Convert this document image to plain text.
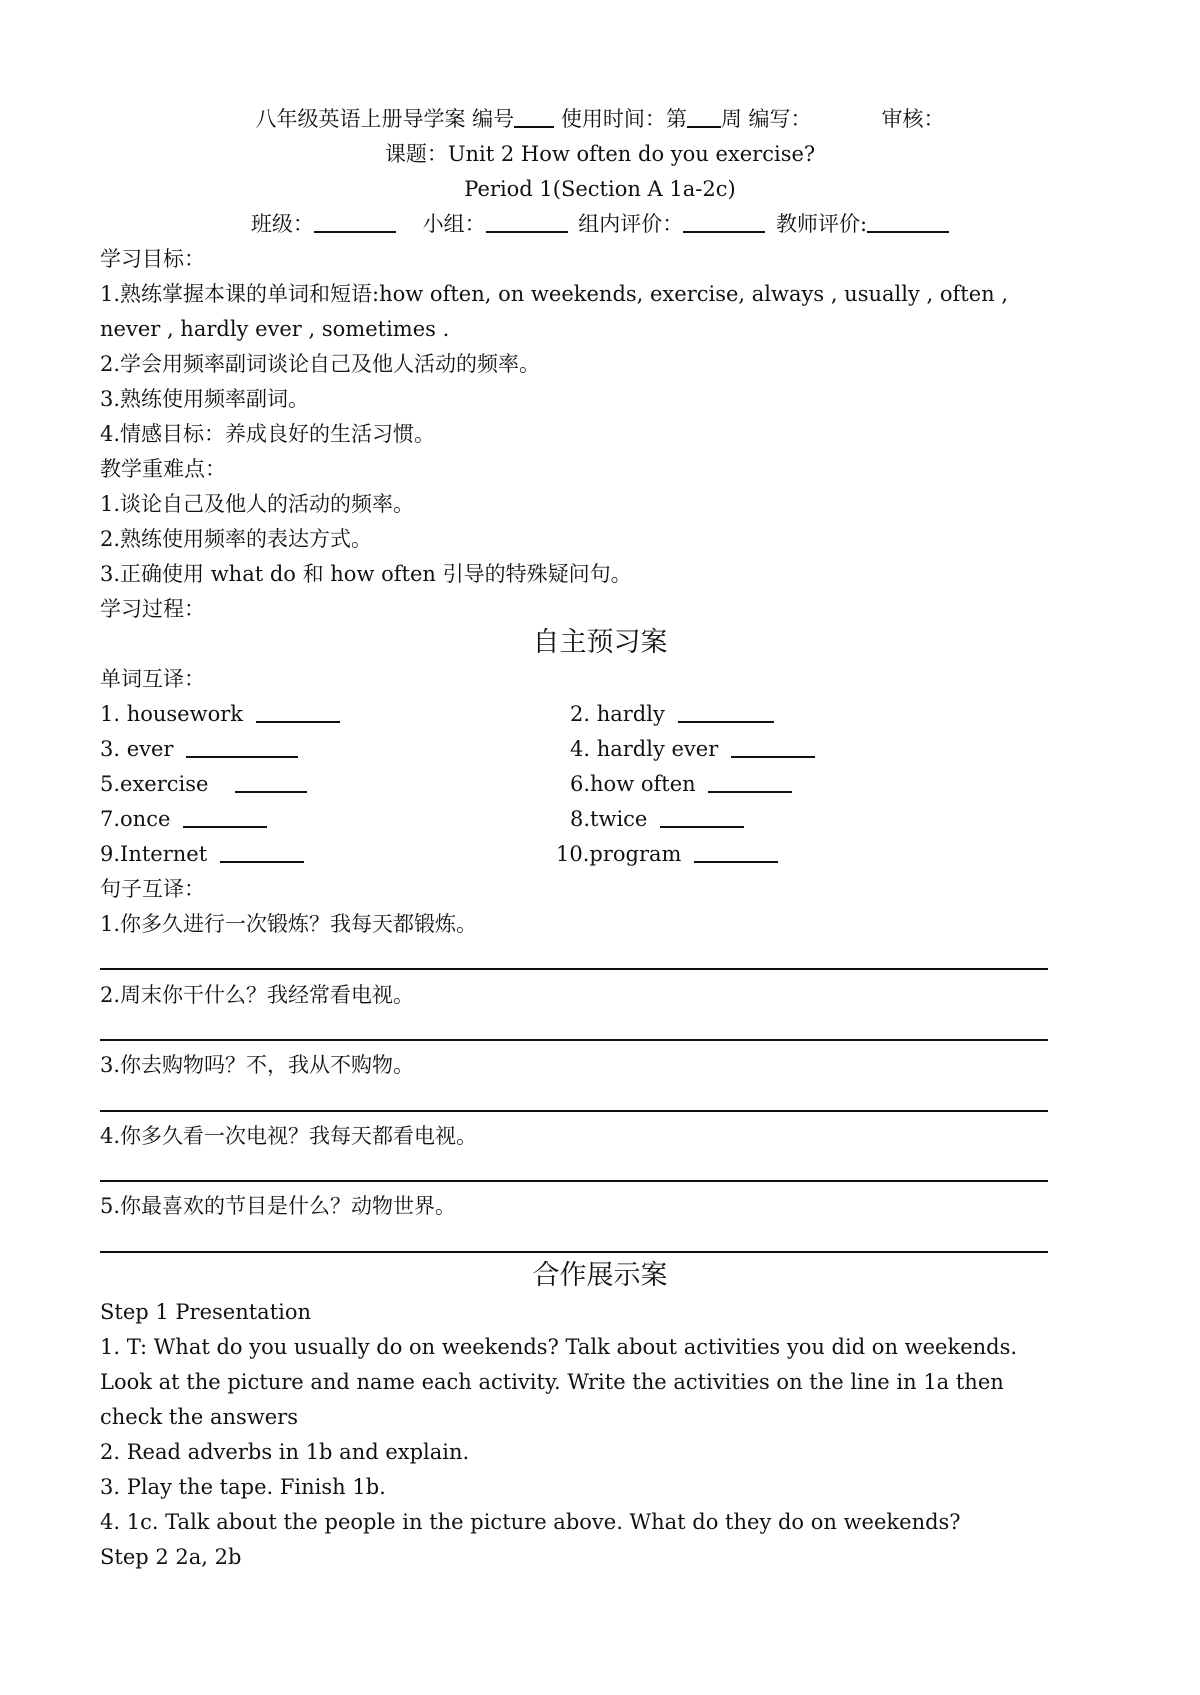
八年级英语上册导学案 编号 使用时间：第 周 编写：	审核：
课题：Unit 2 How often do you exercise?
Period 1(Section A 1a-2c)
班级：	小组：	组内评价：	教师评价:
学习目标：
1.熟练掌握本课的单词和短语:how often, on weekends, exercise, always , usually , often ,
never , hardly ever , sometimes .
2.学会用频率副词谈论自己及他人活动的频率。
3.熟练使用频率副词。
4.情感目标：养成良好的生活习惯。
教学重难点：
1.谈论自己及他人的活动的频率。
2.熟练使用频率的表达方式。
3.正确使用 what do 和 how often 引导的特殊疑问句。
学习过程：
自主预习案
单词互译：
1. housework	2. hardly
3. ever	4. hardly ever
5.exercise	6.how often
7.once	8.twice
9.Internet	10.program
句子互译：
1.你多久进行一次锻炼？我每天都锻炼。
2.周末你干什么？我经常看电视。
3.你去购物吗？不，我从不购物。
4.你多久看一次电视？我每天都看电视。
5.你最喜欢的节目是什么？动物世界。
合作展示案
Step 1 Presentation
1. T: What do you usually do on weekends? Talk about activities you did on weekends.
Look at the picture and name each activity. Write the activities on the line in 1a then
check the answers
2. Read adverbs in 1b and explain.
3. Play the tape. Finish 1b.
4. 1c. Talk about the people in the picture above. What do they do on weekends?
Step 2 2a, 2b
